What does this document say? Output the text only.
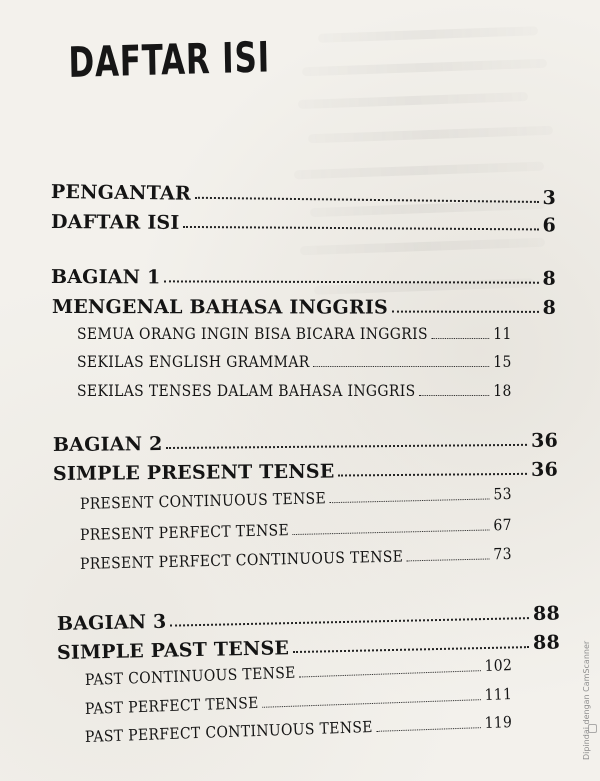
DAFTAR ISI
PENGANTAR	3
DAFTAR ISI	6
BAGIAN 1	8
MENGENAL BAHASA INGGRIS	8
SEMUA ORANG INGIN BISA BICARA INGGRIS	11
SEKILAS ENGLISH GRAMMAR	15
SEKILAS TENSES DALAM BAHASA INGGRIS	18
BAGIAN 2	36
SIMPLE PRESENT TENSE	36
PRESENT CONTINUOUS TENSE	53
PRESENT PERFECT TENSE	67
PRESENT PERFECT CONTINUOUS TENSE	73
BAGIAN 3	88
SIMPLE PAST TENSE	88
PAST CONTINUOUS TENSE	102
PAST PERFECT TENSE	111
PAST PERFECT CONTINUOUS TENSE	119	Dipindai dengan CamScanner
